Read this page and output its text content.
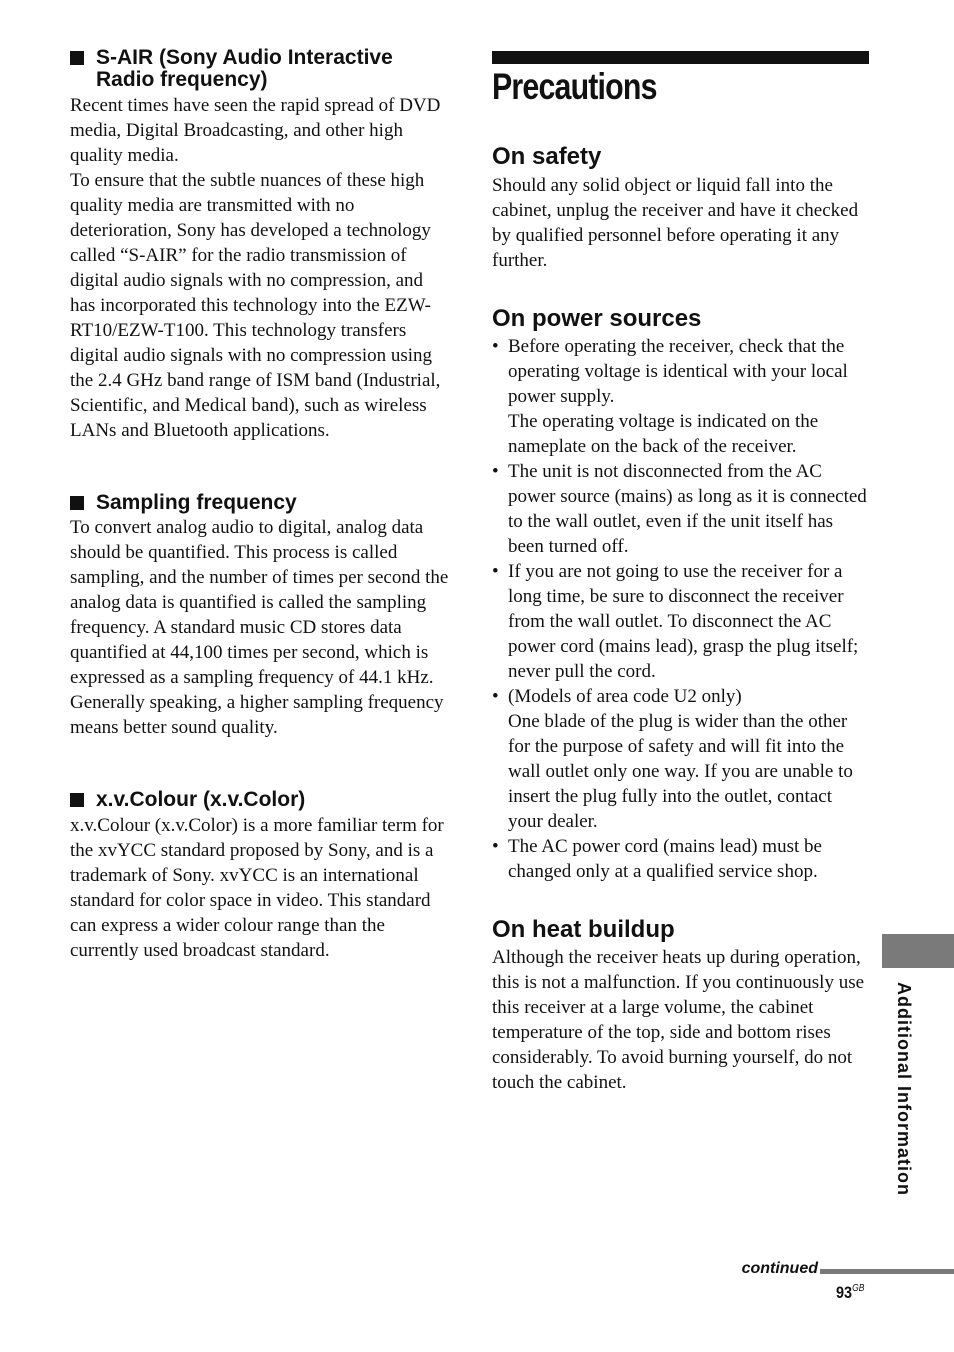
S-AIR (Sony Audio Interactive Radio frequency)

Recent times have seen the rapid spread of DVD media, Digital Broadcasting, and other high quality media.

To ensure that the subtle nuances of these high quality media are transmitted with no deterioration, Sony has developed a technology called “S-AIR” for the radio transmission of digital audio signals with no compression, and has incorporated this technology into the EZW-RT10/EZW-T100. This technology transfers digital audio signals with no compression using the 2.4 GHz band range of ISM band (Industrial, Scientific, and Medical band), such as wireless LANs and Bluetooth applications.

Sampling frequency

To convert analog audio to digital, analog data should be quantified. This process is called sampling, and the number of times per second the analog data is quantified is called the sampling frequency. A standard music CD stores data quantified at 44,100 times per second, which is expressed as a sampling frequency of 44.1 kHz. Generally speaking, a higher sampling frequency means better sound quality.

x.v.Colour (x.v.Color)

x.v.Colour (x.v.Color) is a more familiar term for the xvYCC standard proposed by Sony, and is a trademark of Sony. xvYCC is an international standard for color space in video. This standard can express a wider colour range than the currently used broadcast standard.

Precautions
On safety

Should any solid object or liquid fall into the cabinet, unplug the receiver and have it checked by qualified personnel before operating it any further.

On power sources
• Before operating the receiver, check that the operating voltage is identical with your local power supply.

The operating voltage is indicated on the nameplate on the back of the receiver.

• The unit is not disconnected from the AC power source (mains) as long as it is connected to the wall outlet, even if the unit itself has been turned off.

• If you are not going to use the receiver for a long time, be sure to disconnect the receiver from the wall outlet. To disconnect the AC power cord (mains lead), grasp the plug itself; never pull the cord.

• (Models of area code U2 only)

One blade of the plug is wider than the other for the purpose of safety and will fit into the wall outlet only one way. If you are unable to insert the plug fully into the outlet, contact your dealer.

• The AC power cord (mains lead) must be changed only at a qualified service shop.

On heat buildup

Although the receiver heats up during operation, this is not a malfunction. If you continuously use this receiver at a large volume, the cabinet temperature of the top, side and bottom rises considerably. To avoid burning yourself, do not touch the cabinet.	Additional Information
continued
$93^{GB}$
